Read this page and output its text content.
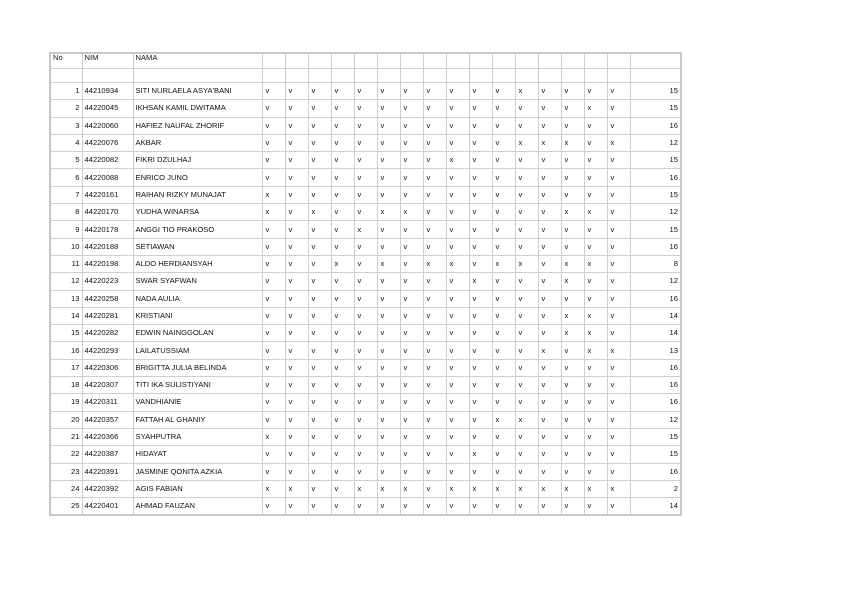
No	NIM	NAMA																	

1	44210934	SITI NURLAELA ASYA'BANI	v	v	v	v	v	v	v	v	v	v	v	x	v	v	v	v	15
2	44220045	IKHSAN KAMIL DWITAMA	v	v	v	v	v	v	v	v	v	v	v	v	v	v	x	v	15
3	44220060	HAFIEZ NAUFAL ZHORIF	v	v	v	v	v	v	v	v	v	v	v	v	v	v	v	v	16
4	44220076	AKBAR	v	v	v	v	v	v	v	v	v	v	v	x	x	x	v	x	12
5	44220082	FIKRI DZULHAJ	v	v	v	v	v	v	v	v	x	v	v	v	v	v	v	v	15
6	44220088	ENRICO JUNO	v	v	v	v	v	v	v	v	v	v	v	v	v	v	v	v	16
7	44220161	RAIHAN RIZKY MUNAJAT	x	v	v	v	v	v	v	v	v	v	v	v	v	v	v	v	15
8	44220170	YUDHA WINARSA	x	v	x	v	v	x	x	v	v	v	v	v	v	x	x	v	12
9	44220178	ANGGI TIO PRAKOSO	v	v	v	v	x	v	v	v	v	v	v	v	v	v	v	v	15
10	44220188	SETIAWAN	v	v	v	v	v	v	v	v	v	v	v	v	v	v	v	v	16
11	44220198	ALDO HERDIANSYAH	v	v	v	x	v	x	v	x	x	v	x	x	v	x	x	v	8
12	44220223	SWAR SYAFWAN	v	v	v	v	v	v	v	v	v	x	v	v	v	x	v	v	12
13	44220258	NADA AULIA	v	v	v	v	v	v	v	v	v	v	v	v	v	v	v	v	16
14	44220281	KRISTIANI	v	v	v	v	v	v	v	v	v	v	v	v	v	x	x	v	14
15	44220282	EDWIN NAINGGOLAN	v	v	v	v	v	v	v	v	v	v	v	v	v	x	x	v	14
16	44220293	LAILATUSSIAM	v	v	v	v	v	v	v	v	v	v	v	v	x	v	x	x	13
17	44220306	BRIGITTA JULIA BELINDA	v	v	v	v	v	v	v	v	v	v	v	v	v	v	v	v	16
18	44220307	TITI IKA SULISTIYANI	v	v	v	v	v	v	v	v	v	v	v	v	v	v	v	v	16
19	44220311	VANDHIANIE	v	v	v	v	v	v	v	v	v	v	v	v	v	v	v	v	16
20	44220357	FATTAH AL GHANIY	v	v	v	v	v	v	v	v	v	v	x	x	v	v	v	v	12
21	44220366	SYAHPUTRA	x	v	v	v	v	v	v	v	v	v	v	v	v	v	v	v	15
22	44220387	HIDAYAT	v	v	v	v	v	v	v	v	v	x	v	v	v	v	v	v	15
23	44220391	JASMINE QONITA AZKIA	v	v	v	v	v	v	v	v	v	v	v	v	v	v	v	v	16
24	44220392	AGIS FABIAN	x	x	v	v	x	x	x	v	x	x	x	x	x	x	x	x	2
25	44220401	AHMAD FAUZAN	v	v	v	v	v	v	v	v	v	v	v	v	v	v	v	v	14
